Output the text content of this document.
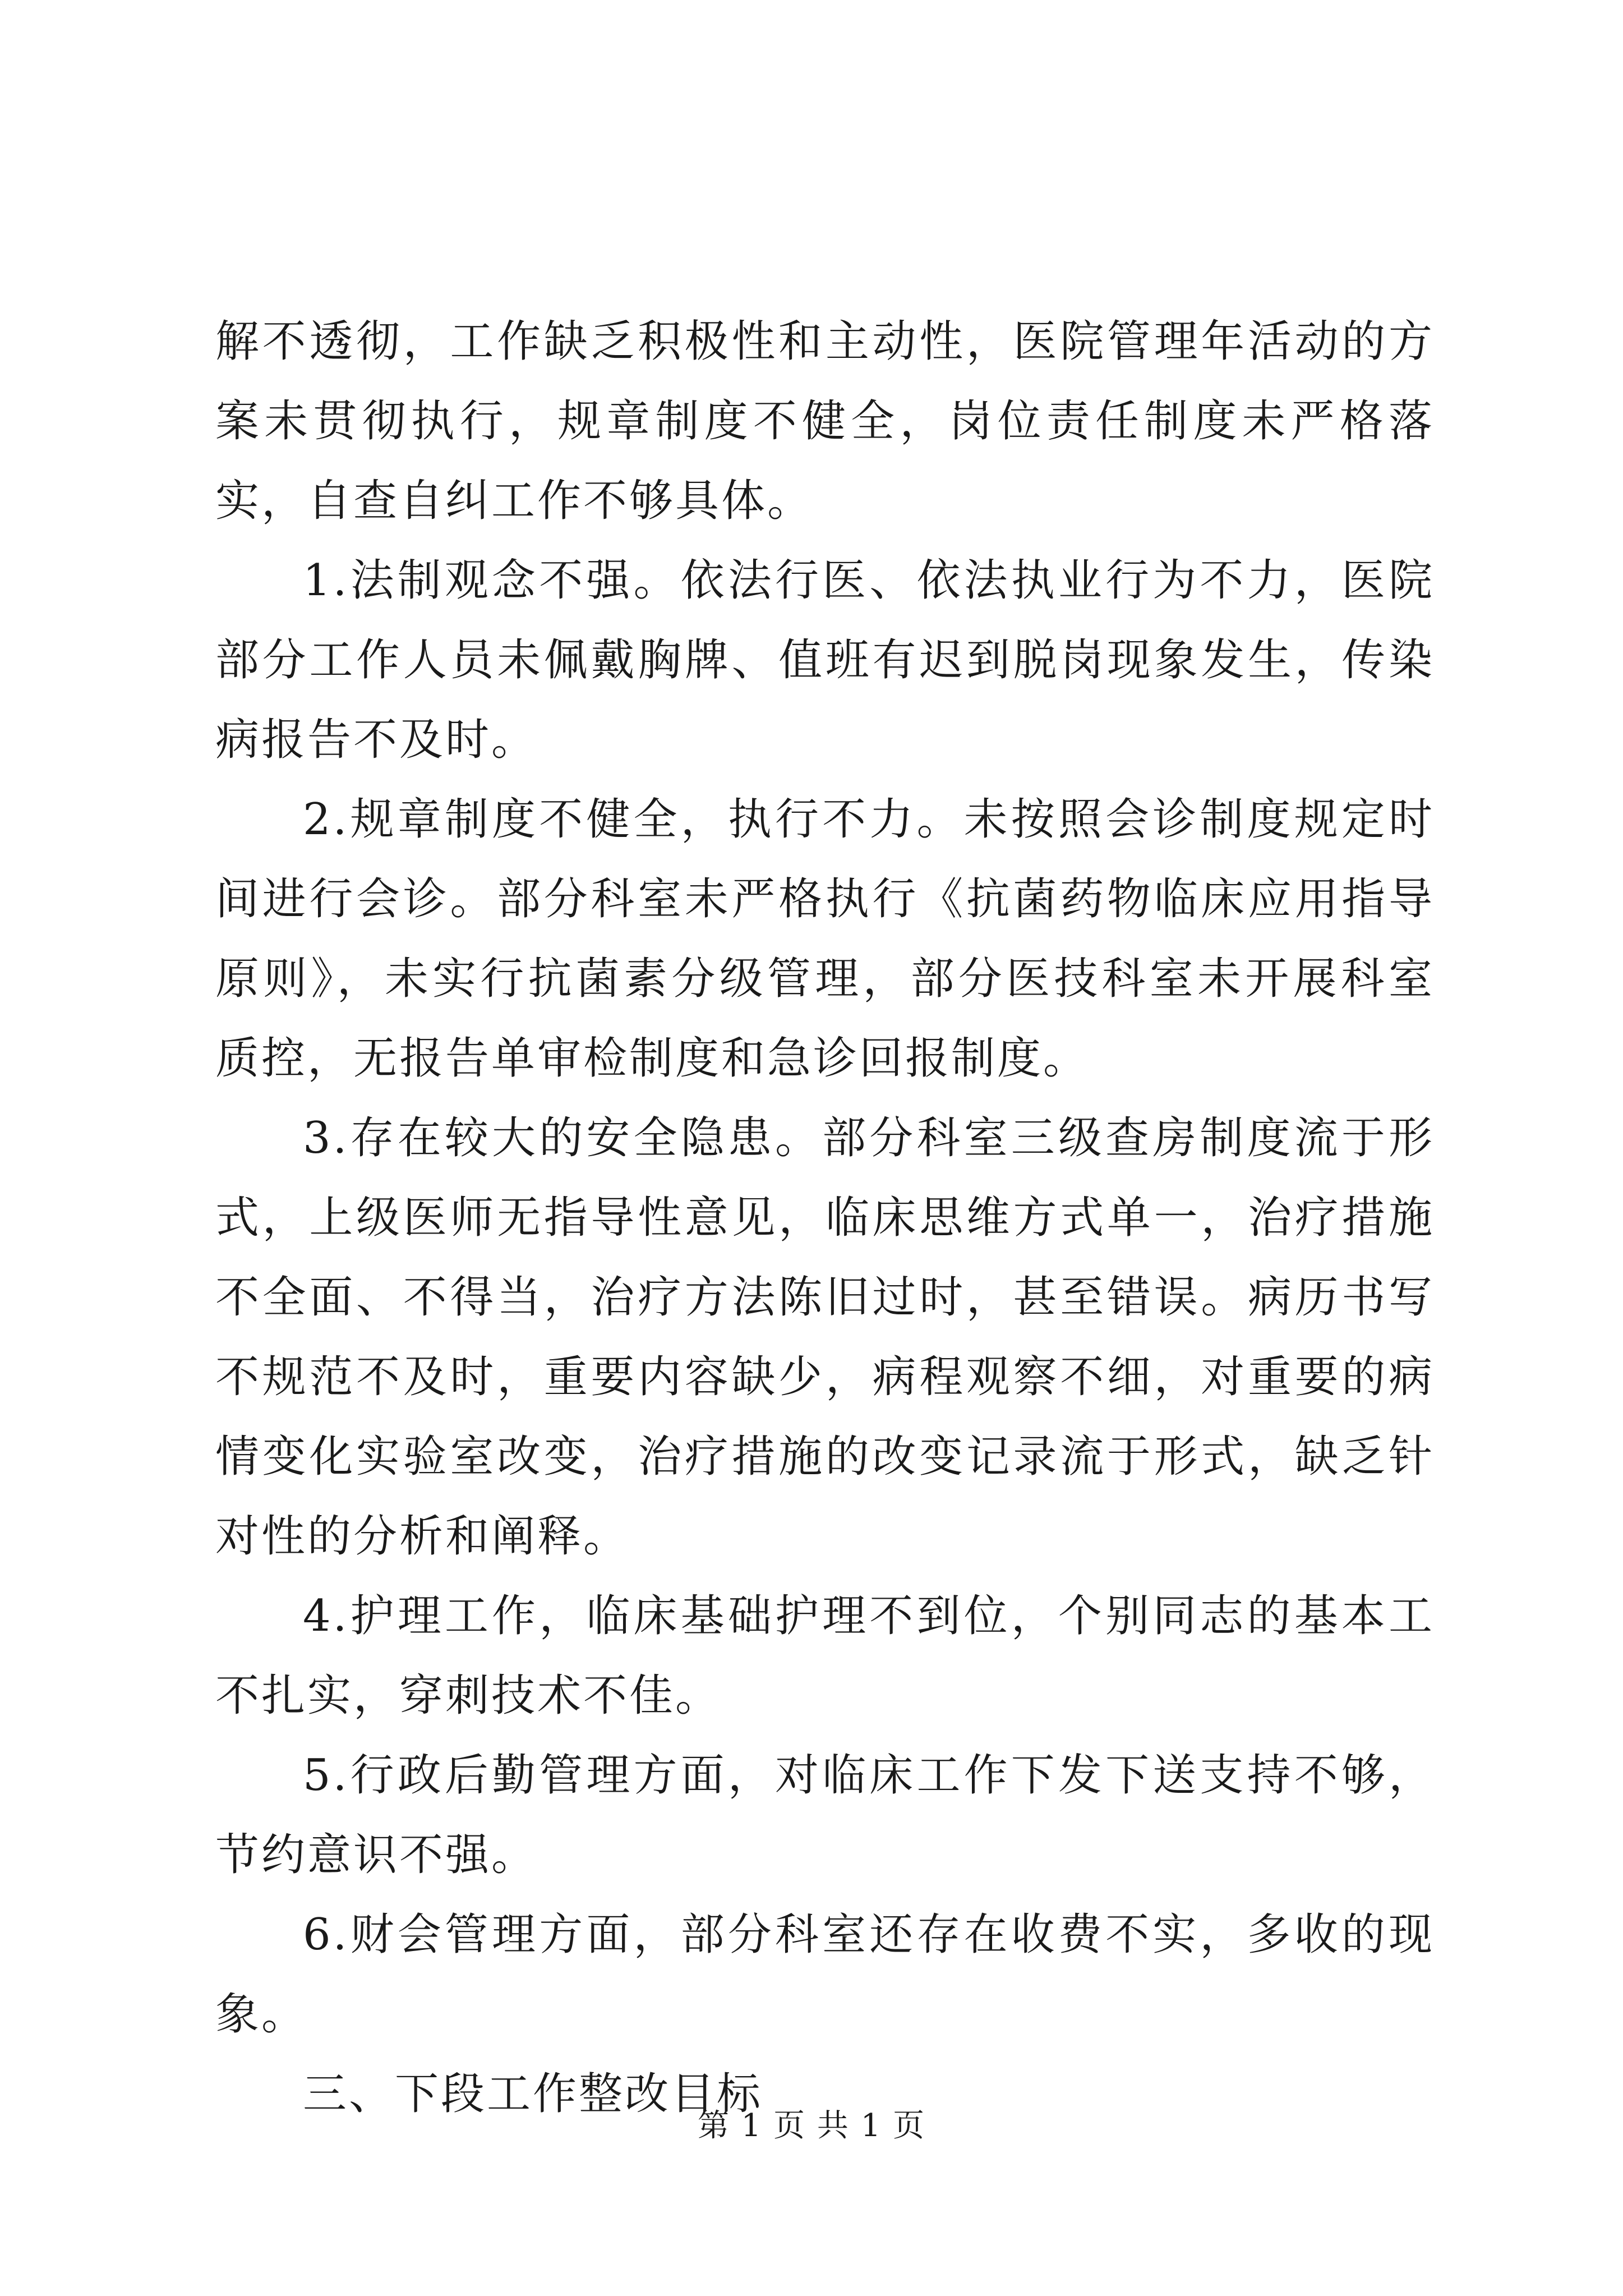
解不透彻，工作缺乏积极性和主动性，医院管理年活动的方案未贯彻执行，规章制度不健全，岗位责任制度未严格落实，自查自纠工作不够具体。

1.法制观念不强。依法行医、依法执业行为不力，医院部分工作人员未佩戴胸牌、值班有迟到脱岗现象发生，传染病报告不及时。

2.规章制度不健全，执行不力。未按照会诊制度规定时间进行会诊。部分科室未严格执行《抗菌药物临床应用指导原则》，未实行抗菌素分级管理，部分医技科室未开展科室质控，无报告单审检制度和急诊回报制度。

3.存在较大的安全隐患。部分科室三级查房制度流于形式，上级医师无指导性意见，临床思维方式单一，治疗措施不全面、不得当，治疗方法陈旧过时，甚至错误。病历书写不规范不及时，重要内容缺少，病程观察不细，对重要的病情变化实验室改变，治疗措施的改变记录流于形式，缺乏针对性的分析和阐释。

4.护理工作，临床基础护理不到位，个别同志的基本工不扎实，穿刺技术不佳。

5.行政后勤管理方面，对临床工作下发下送支持不够，节约意识不强。

6.财会管理方面，部分科室还存在收费不实，多收的现象。

三、下段工作整改目标

第 1 页 共 1 页
